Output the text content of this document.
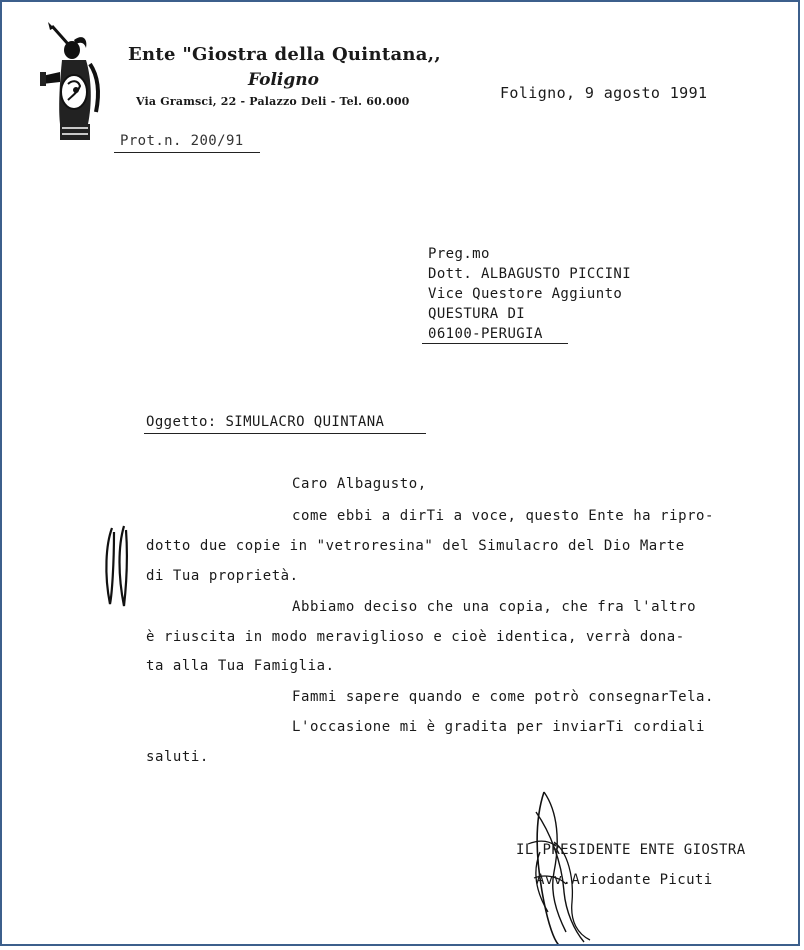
Ente "Giostra della Quintana,,
Foligno
Via Gramsci, 22 - Palazzo Deli - Tel. 60.000
Prot.n. 200/91
Foligno, 9 agosto 1991
Preg.mo
Dott. ALBAGUSTO PICCINI
Vice Questore Aggiunto
QUESTURA DI
06100-PERUGIA
Oggetto: SIMULACRO QUINTANA
Caro Albagusto,
come ebbi a dirTi a voce, questo Ente ha ripro-
dotto due copie in "vetroresina" del Simulacro del Dio Marte
di Tua proprietà.
Abbiamo deciso che una copia, che fra l'altro
è riuscita in modo meraviglioso e cioè identica, verrà dona-
ta alla Tua Famiglia.
Fammi sapere quando e come potrò consegnarTela.
L'occasione mi è gradita per inviarTi cordiali
saluti.
IL PRESIDENTE ENTE GIOSTRA
Avv.Ariodante Picuti
